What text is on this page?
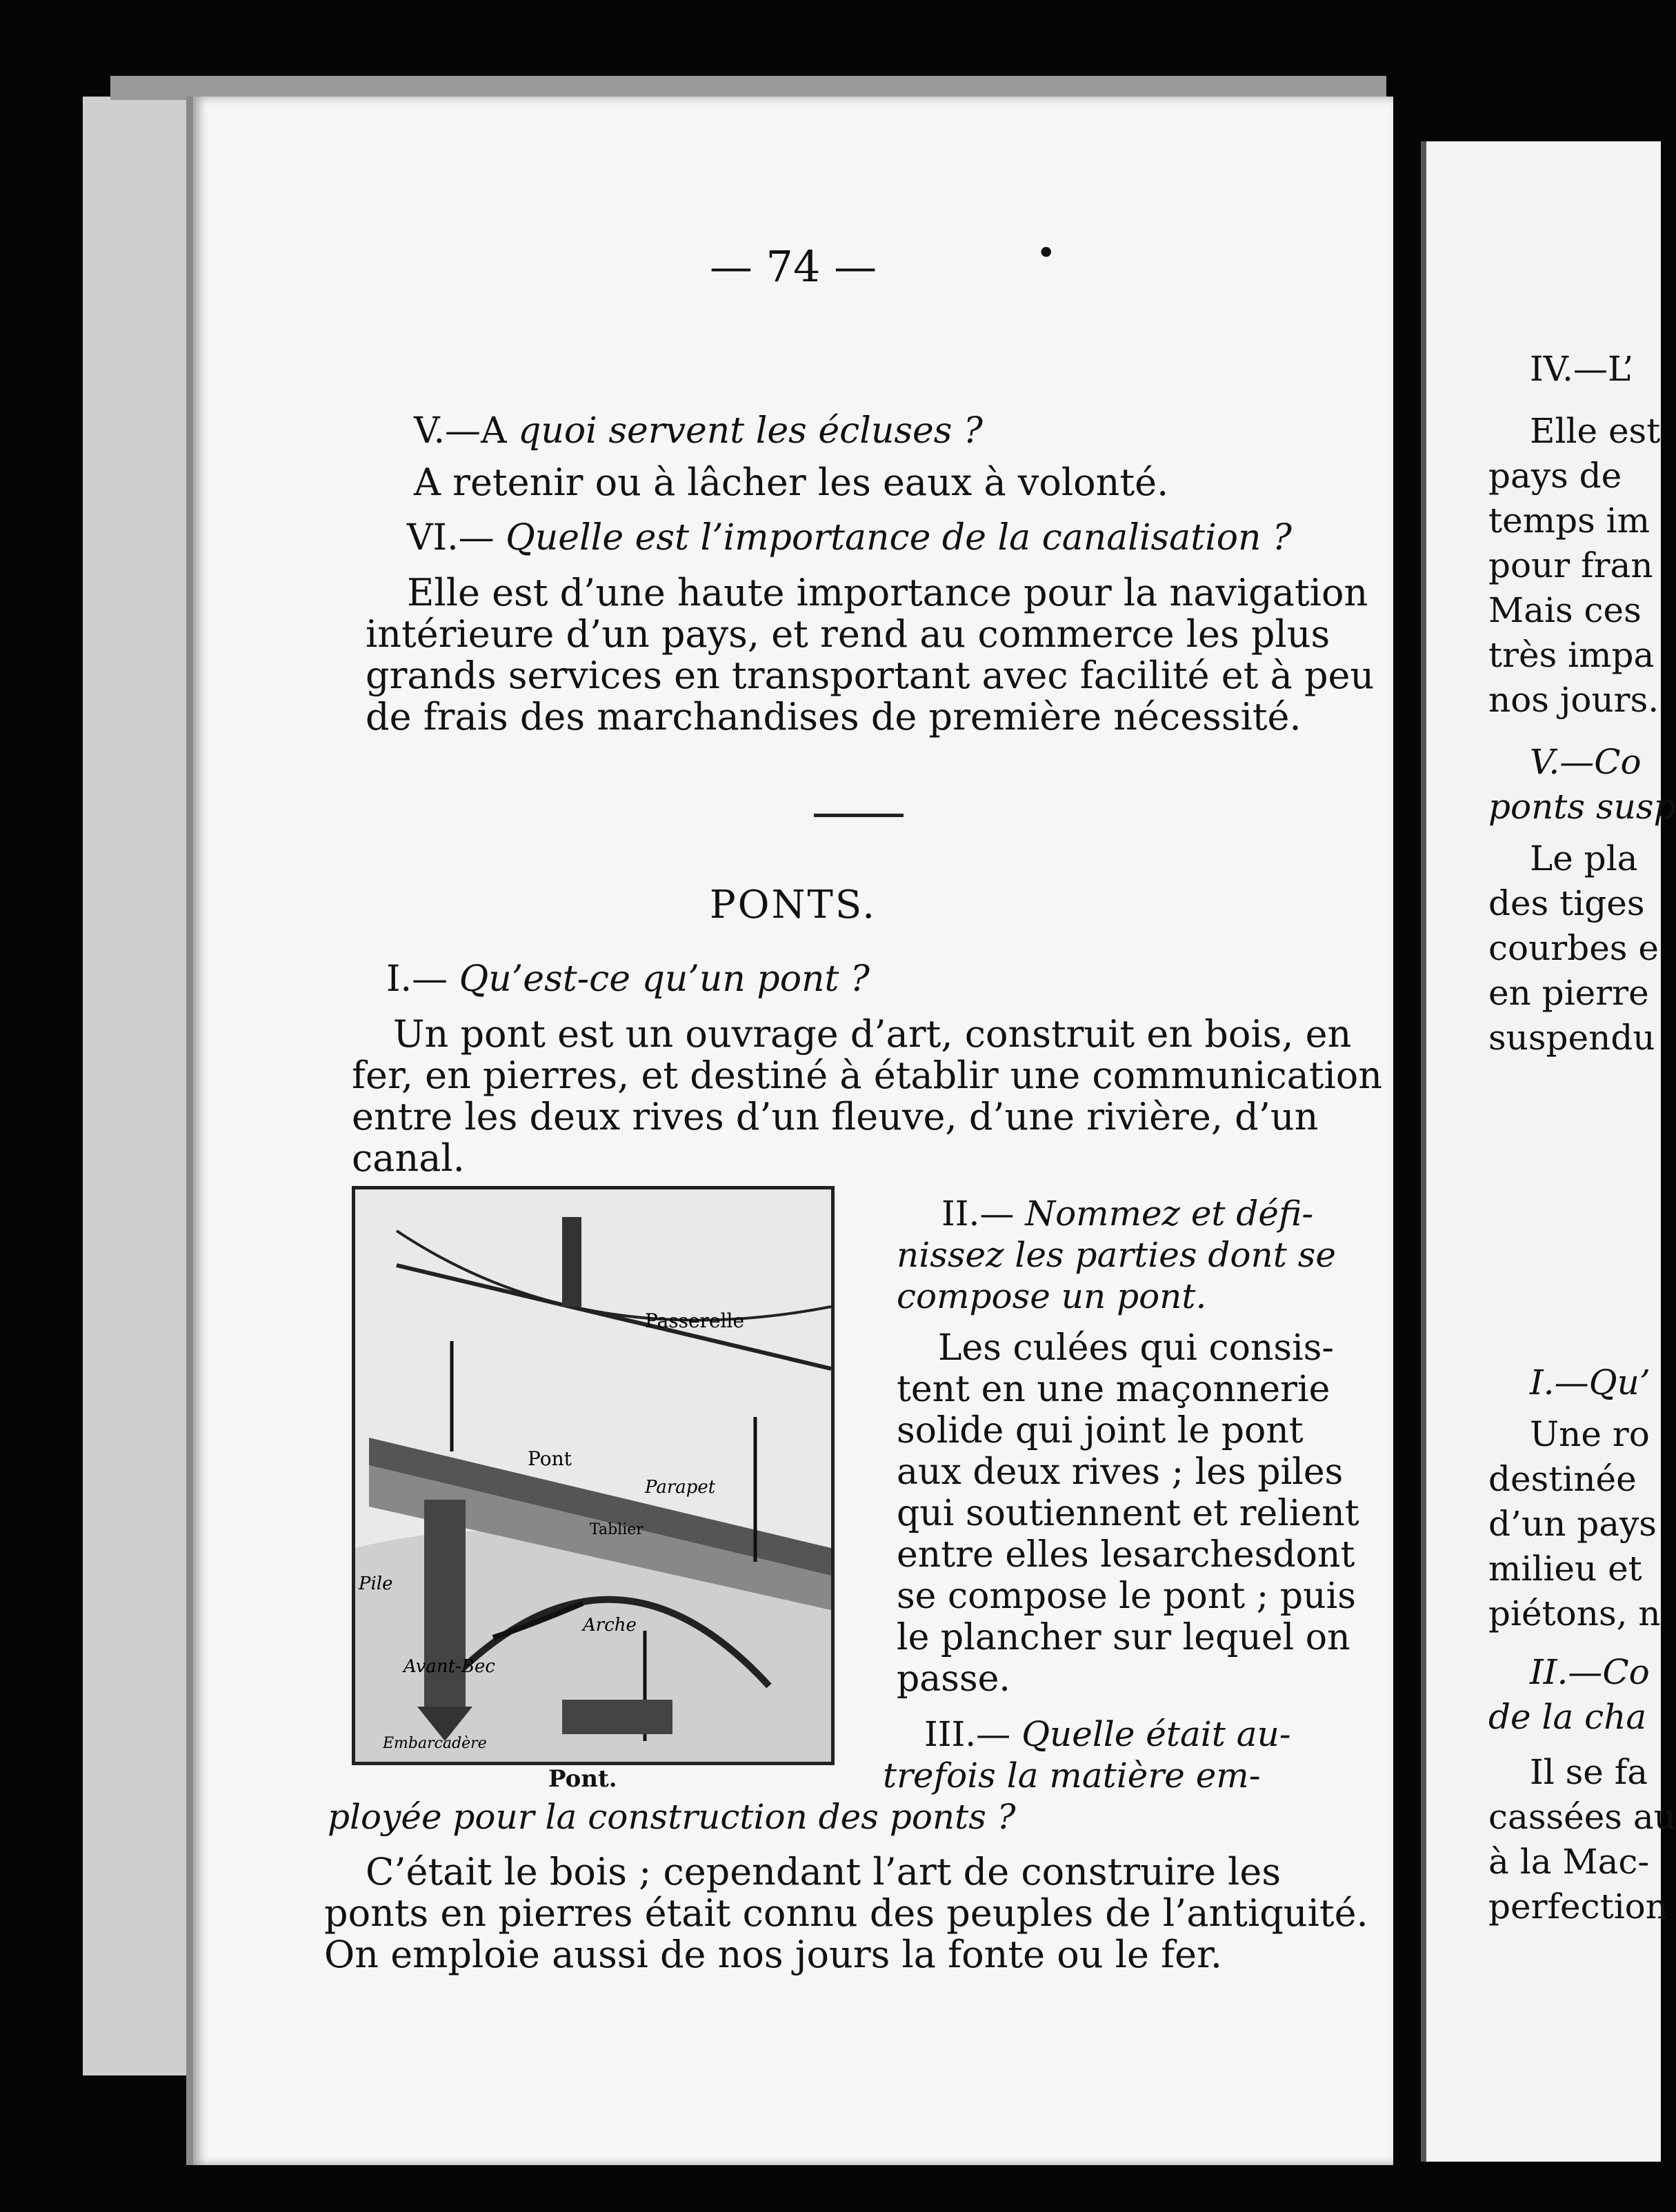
— 74 —	•
V.—A quoi servent les écluses ?
A retenir ou à lâcher les eaux à volonté.
VI.— Quelle est l’importance de la canalisation ?
Elle est d’une haute importance pour la navigation
intérieure d’un pays, et rend au commerce les plus
grands services en transportant avec facilité et à peu
de frais des marchandises de première nécessité.
PONTS.
I.— Qu’est-ce qu’un pont ?
Un pont est un ouvrage d’art, construit en bois, en
fer, en pierres, et destiné à établir une communication
entre les deux rives d’un fleuve, d’une rivière, d’un
canal.
Passerelle
Pont
Parapet
Tablier
Pile
Arche
Avant-Bec
Embarcadère
Pont.
II.— Nommez et défi-
nissez les parties dont se
compose un pont.
Les culées qui consis-
tent en une maçonnerie
solide qui joint le pont
aux deux rives ; les piles
qui soutiennent et relient
entre elles lesarchesdont
se compose le pont ; puis
le plancher sur lequel on
passe.
III.— Quelle était au-
trefois la matière em-
ployée pour la construction des ponts ?
C’était le bois ; cependant l’art de construire les
ponts en pierres était connu des peuples de l’antiquité.
On emploie aussi de nos jours la fonte ou le fer.
IV.—L’
Elle est
pays de
temps im
pour fran
Mais ces
très impa
nos jours.
V.—Co
ponts susp
Le pla
des tiges
courbes e
en pierre
suspendu
I.—Qu’
Une ro
destinée
d’un pays
milieu et
piétons, n
II.—Co
de la cha
Il se fa
cassées au
à la Mac-
perfection
